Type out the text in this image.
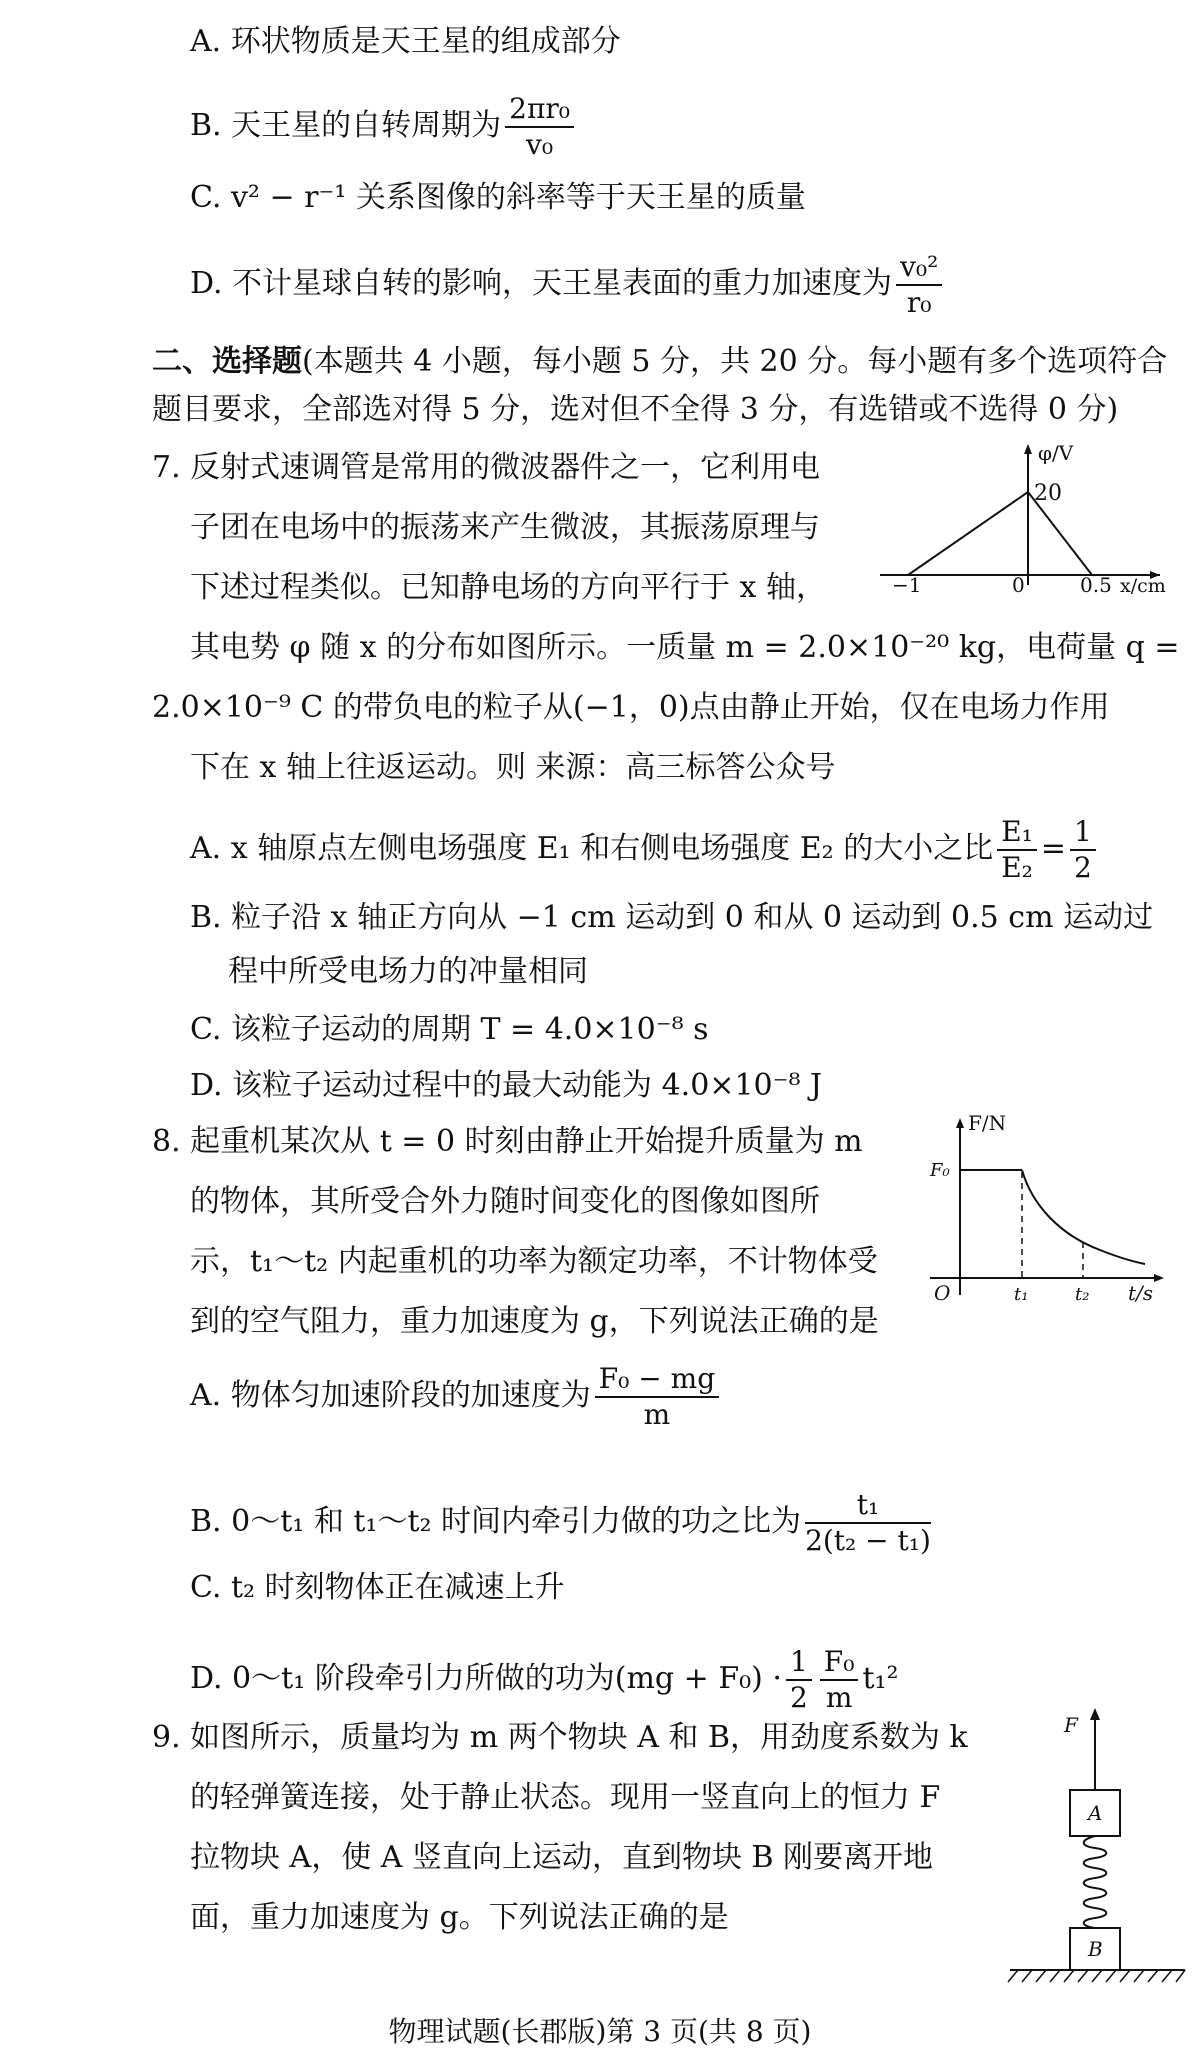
A. 环状物质是天王星的组成部分
B. 天王星的自转周期为 $\frac{\text{2πr₀}}{\text{v₀}}$
C. v² − r⁻¹ 关系图像的斜率等于天王星的质量
D. 不计星球自转的影响，天王星表面的重力加速度为 $\frac{\text{v₀²}}{\text{r₀}}$
二、选择题(本题共 4 小题，每小题 5 分，共 20 分。每小题有多个选项符合
题目要求，全部选对得 5 分，选对但不全得 3 分，有选错或不选得 0 分)
7. 反射式速调管是常用的微波器件之一，它利用电
子团在电场中的振荡来产生微波，其振荡原理与
下述过程类似。已知静电场的方向平行于 x 轴，
其电势 φ 随 x 的分布如图所示。一质量 m = 2.0×10⁻²⁰ kg，电荷量 q =
2.0×10⁻⁹ C 的带负电的粒子从(−1，0)点由静止开始，仅在电场力作用
下在 x 轴上往返运动。则 来源：高三标答公众号
φ/V
20
−1	0	0.5 x/cm
A. x 轴原点左侧电场强度 E₁ 和右侧电场强度 E₂ 的大小之比 $\frac{\text{E₁}}{\text{E₂}} = \frac{1}{2}$
B. 粒子沿 x 轴正方向从 −1 cm 运动到 0 和从 0 运动到 0.5 cm 运动过
程中所受电场力的冲量相同
C. 该粒子运动的周期 T = 4.0×10⁻⁸ s
D. 该粒子运动过程中的最大动能为 4.0×10⁻⁸ J
8. 起重机某次从 t = 0 时刻由静止开始提升质量为 m
的物体，其所受合外力随时间变化的图像如图所
示，t₁～t₂ 内起重机的功率为额定功率，不计物体受
到的空气阻力，重力加速度为 g，下列说法正确的是
F/N
F₀
O	t₁	t₂ t/s
A. 物体匀加速阶段的加速度为 $\frac{\text{F₀ − mg}}{m}$
B. 0～t₁ 和 t₁～t₂ 时间内牵引力做的功之比为 $\frac{\text{t₁}}{\text{2(t₂ − t₁)}}$
C. t₂ 时刻物体正在减速上升
D. 0～t₁ 阶段牵引力所做的功为$(mg + F_0) \cdot \frac{1}{2} \frac{\text{F₀}}{m} t_1^2$
9. 如图所示，质量均为 m 两个物块 A 和 B，用劲度系数为 k
的轻弹簧连接，处于静止状态。现用一竖直向上的恒力 F
拉物块 A，使 A 竖直向上运动，直到物块 B 刚要离开地
面，重力加速度为 g。下列说法正确的是
F
A
B
物理试题(长郡版)第 3 页(共 8 页)
